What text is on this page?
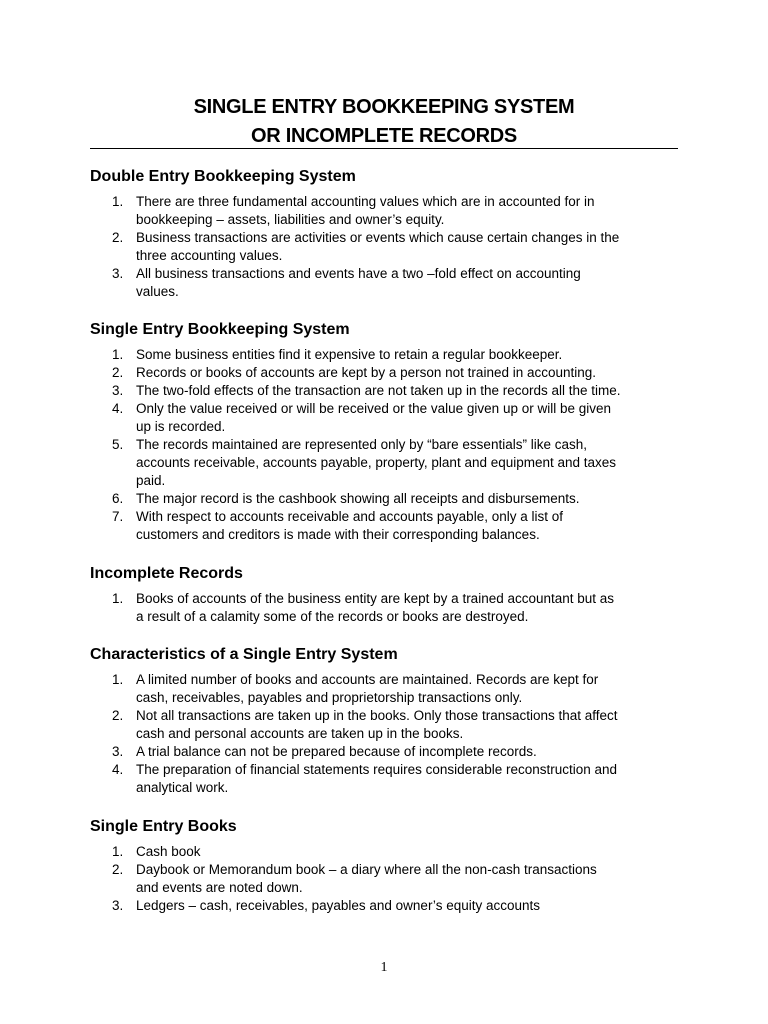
SINGLE ENTRY BOOKKEEPING SYSTEM
OR INCOMPLETE RECORDS
Double Entry Bookkeeping System
1. There are three fundamental accounting values which are in accounted for in
bookkeeping – assets, liabilities and owner’s equity.
2. Business transactions are activities or events which cause certain changes in the
three accounting values.
3. All business transactions and events have a two –fold effect on accounting
values.
Single Entry Bookkeeping System
1. Some business entities find it expensive to retain a regular bookkeeper.
2. Records or books of accounts are kept by a person not trained in accounting.
3. The two-fold effects of the transaction are not taken up in the records all the time.
4. Only the value received or will be received or the value given up or will be given
up is recorded.
5. The records maintained are represented only by “bare essentials” like cash,
accounts receivable, accounts payable, property, plant and equipment and taxes
paid.
6. The major record is the cashbook showing all receipts and disbursements.
7. With respect to accounts receivable and accounts payable, only a list of
customers and creditors is made with their corresponding balances.
Incomplete Records
1. Books of accounts of the business entity are kept by a trained accountant but as
a result of a calamity some of the records or books are destroyed.
Characteristics of a Single Entry System
1. A limited number of books and accounts are maintained. Records are kept for
cash, receivables, payables and proprietorship transactions only.
2. Not all transactions are taken up in the books. Only those transactions that affect
cash and personal accounts are taken up in the books.
3. A trial balance can not be prepared because of incomplete records.
4. The preparation of financial statements requires considerable reconstruction and
analytical work.
Single Entry Books
1. Cash book
2. Daybook or Memorandum book – a diary where all the non-cash transactions
and events are noted down.
3. Ledgers – cash, receivables, payables and owner’s equity accounts
1
